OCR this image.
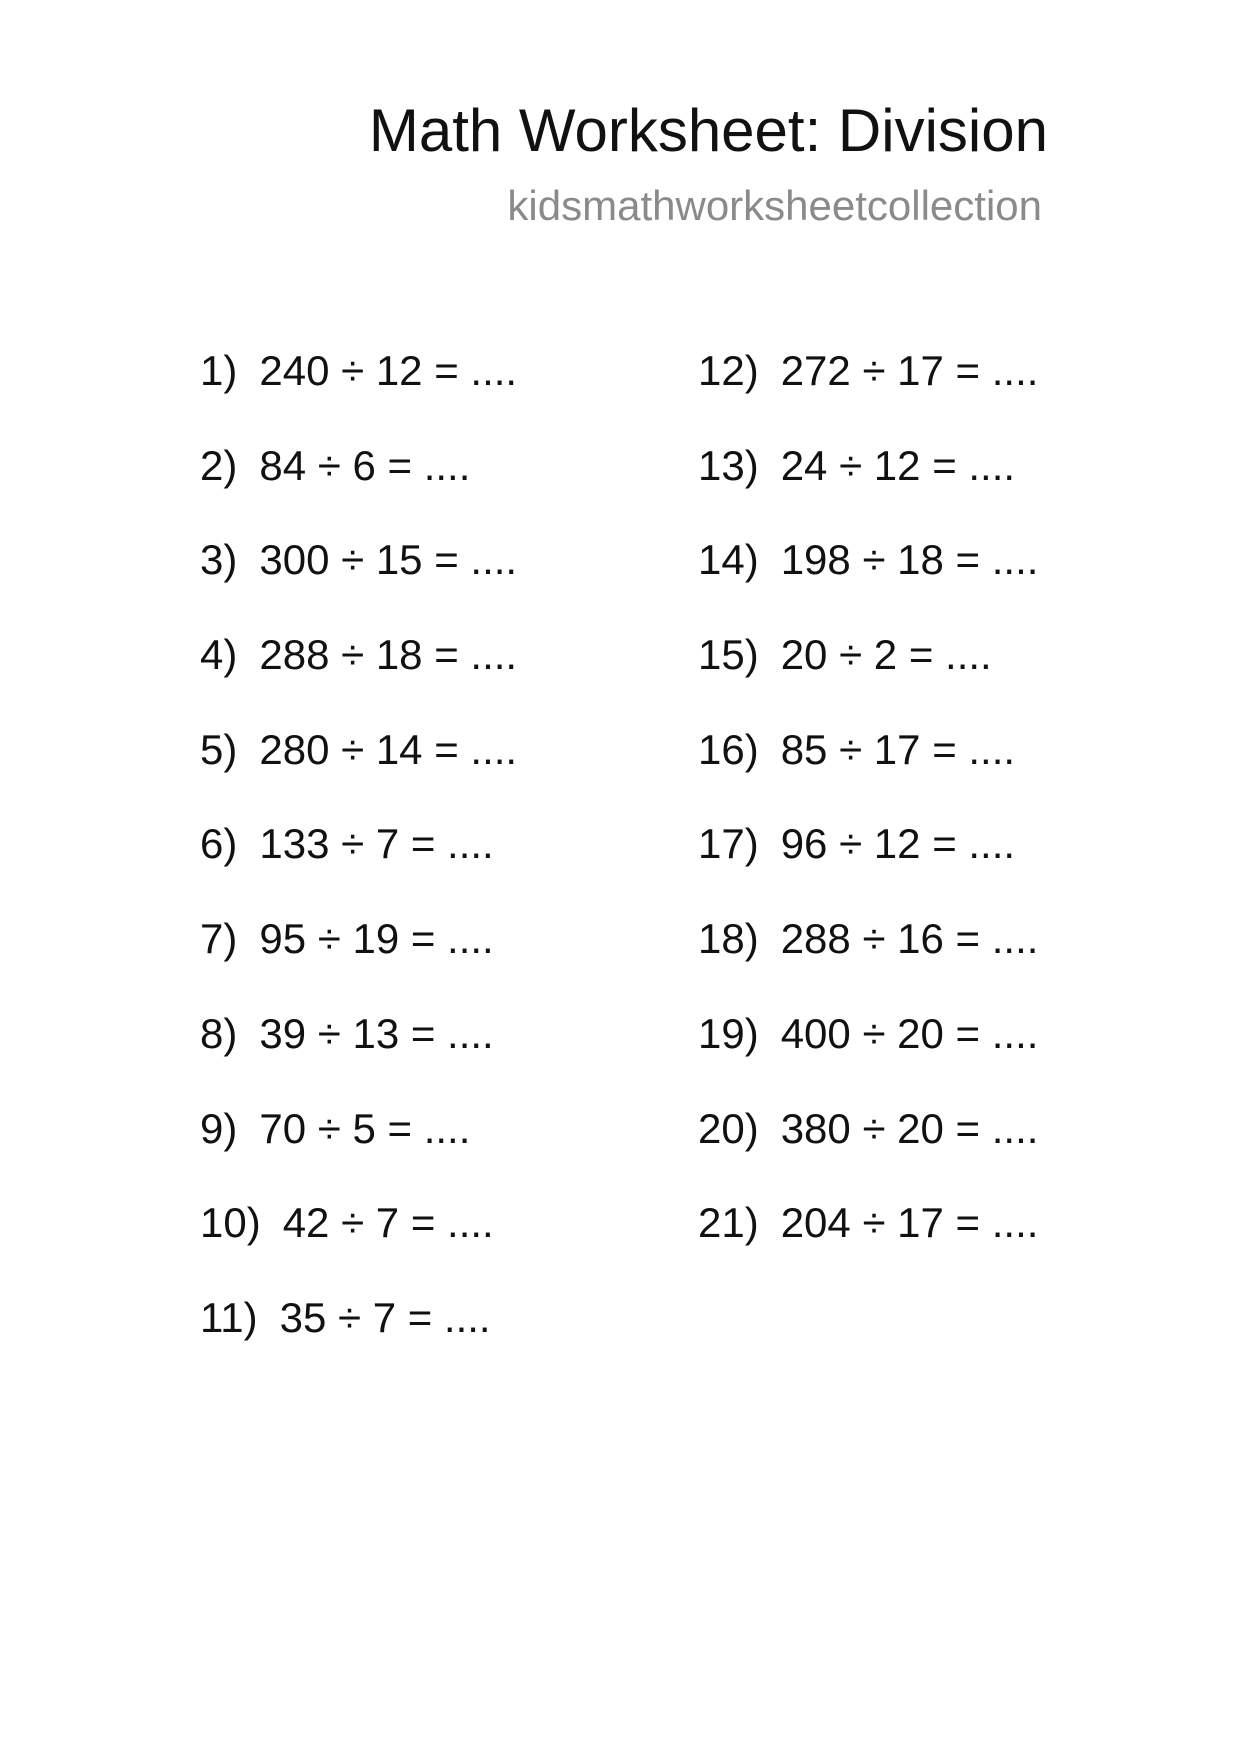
Math Worksheet: Division

kidsmathworksheetcollection

1) 240 ÷ 12 = ....
2) 84 ÷ 6 = ....
3) 300 ÷ 15 = ....
4) 288 ÷ 18 = ....
5) 280 ÷ 14 = ....
6) 133 ÷ 7 = ....
7) 95 ÷ 19 = ....
8) 39 ÷ 13 = ....
9) 70 ÷ 5 = ....
10) 42 ÷ 7 = ....
11) 35 ÷ 7 = ....
12) 272 ÷ 17 = ....
13) 24 ÷ 12 = ....
14) 198 ÷ 18 = ....
15) 20 ÷ 2 = ....
16) 85 ÷ 17 = ....
17) 96 ÷ 12 = ....
18) 288 ÷ 16 = ....
19) 400 ÷ 20 = ....
20) 380 ÷ 20 = ....
21) 204 ÷ 17 = ....
